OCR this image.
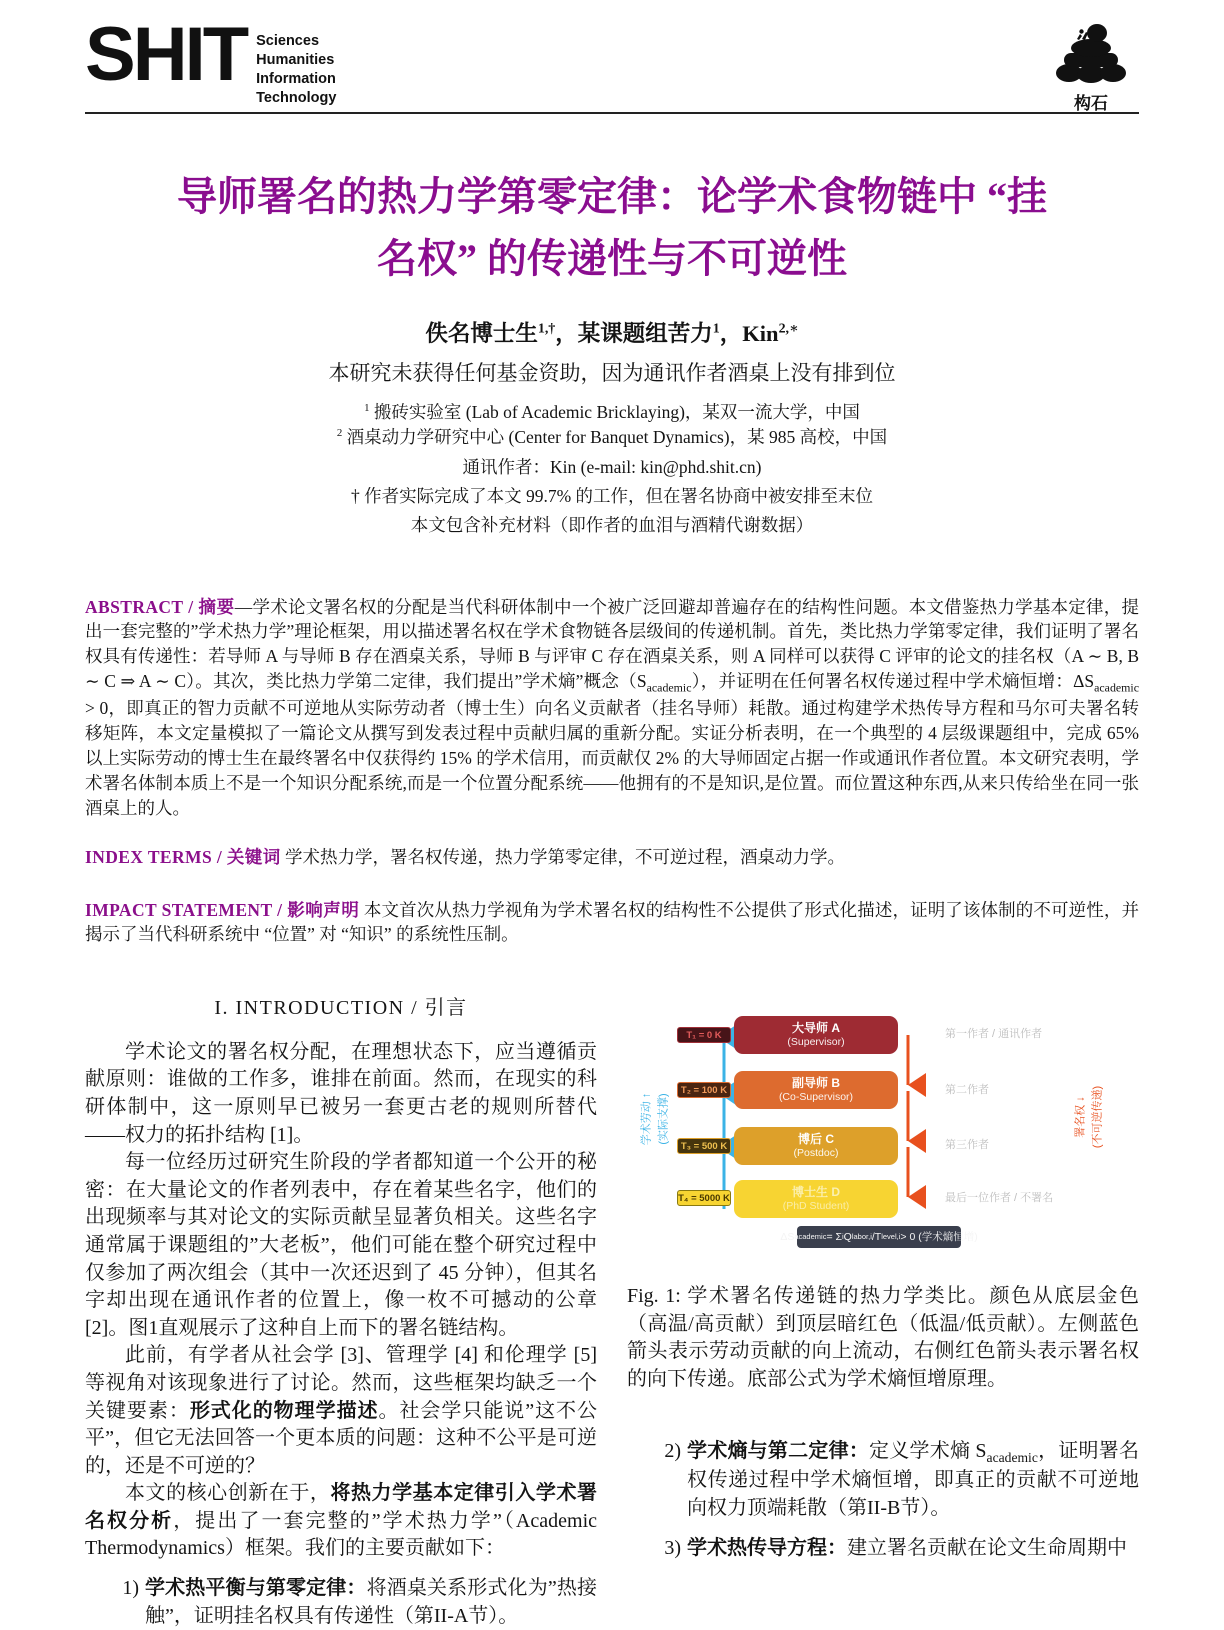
SHIT Sciences
Humanities
Information
Technology	构石
导师署名的热力学第零定律：论学术食物链中 “挂
名权” 的传递性与不可逆性
佚名博士生$^{1,\dagger}$，某课题组苦力$^1$，Kin$^{2,∗}$
本研究未获得任何基金资助，因为通讯作者酒桌上没有排到位
$^1$ 搬砖实验室 (Lab of Academic Bricklaying)，某双一流大学，中国
$^2$ 酒桌动力学研究中心 (Center for Banquet Dynamics)，某 985 高校，中国
通讯作者：Kin (e-mail: kin@phd.shit.cn)
† 作者实际完成了本文 99.7% 的工作，但在署名协商中被安排至末位
本文包含补充材料（即作者的血泪与酒精代谢数据）
ABSTRACT / 摘要—学术论文署名权的分配是当代科研体制中一个被广泛回避却普遍存在的结构性问题。本文借鉴热力学基本定律，提出一套完整的”学术热力学”理论框架，用以描述署名权在学术食物链各层级间的传递机制。首先，类比热力学第零定律，我们证明了署名权具有传递性：若导师 A 与导师 B 存在酒桌关系，导师 B 与评审 C 存在酒桌关系，则 A 同样可以获得 C 评审的论文的挂名权（A ∼ B, B ∼ C ⇒ A ∼ C）。其次，类比热力学第二定律，我们提出”学术熵”概念$(S_{academic})$，并证明在任何署名权传递过程中学术熵恒增：$\Delta S_{academic} > 0$，即真正的智力贡献不可逆地从实际劳动者（博士生）向名义贡献者（挂名导师）耗散。通过构建学术热传导方程和马尔可夫署名转移矩阵，本文定量模拟了一篇论文从撰写到发表过程中贡献归属的重新分配。实证分析表明，在一个典型的 4 层级课题组中，完成 65% 以上实际劳动的博士生在最终署名中仅获得约 15% 的学术信用，而贡献仅 2% 的大导师固定占据一作或通讯作者位置。本文研究表明，学术署名体制本质上不是一个知识分配系统,而是一个位置分配系统——他拥有的不是知识,是位置。而位置这种东西,从来只传给坐在同一张酒桌上的人。
INDEX TERMS / 关键词 学术热力学，署名权传递，热力学第零定律，不可逆过程，酒桌动力学。
IMPACT STATEMENT / 影响声明 本文首次从热力学视角为学术署名权的结构性不公提供了形式化描述，证明了该体制的不可逆性，并揭示了当代科研系统中 “位置” 对 “知识” 的系统性压制。
I. INTRODUCTION / 引言

学术论文的署名权分配，在理想状态下，应当遵循贡献原则：谁做的工作多，谁排在前面。然而，在现实的科研体制中，这一原则早已被另一套更古老的规则所替代——权力的拓扑结构 [1]。

每一位经历过研究生阶段的学者都知道一个公开的秘密：在大量论文的作者列表中，存在着某些名字，他们的出现频率与其对论文的实际贡献呈显著负相关。这些名字通常属于课题组的”大老板”，他们可能在整个研究过程中仅参加了两次组会（其中一次还迟到了 45 分钟），但其名字却出现在通讯作者的位置上，像一枚不可撼动的公章 [2]。图1直观展示了这种自上而下的署名链结构。

此前，有学者从社会学 [3]、管理学 [4] 和伦理学 [5] 等视角对该现象进行了讨论。然而，这些框架均缺乏一个关键要素：形式化的物理学描述。社会学只能说”这不公平”，但它无法回答一个更本质的问题：这种不公平是可逆的，还是不可逆的？

本文的核心创新在于，将热力学基本定律引入学术署名权分析，提出了一套完整的”学术热力学”（Academic Thermodynamics）框架。我们的主要贡献如下：

1) 学术热平衡与第零定律：将酒桌关系形式化为”热接触”，证明挂名权具有传递性（第II-A节）。
大导师 A
(Supervisor)
副导师 B
(Co-Supervisor)
博后 C
(Postdoc)
博士生 D
(PhD Student)
T₁ = 0 K
T₂ = 100 K
T₃ = 500 K
T₄ = 5000 K
第一作者 / 通讯作者
第二作者
第三作者
最后一位作者 / 不署名
学术劳动 ↑ (实际支撑)	署名权 ↓ (不可逆传递)
ΔS academic = Σ i Q labor,i /T level,i > 0 (学术熵恒增)
Fig. 1: 学术署名传递链的热力学类比。颜色从底层金色（高温/高贡献）到顶层暗红色（低温/低贡献）。左侧蓝色箭头表示劳动贡献的向上流动，右侧红色箭头表示署名权的向下传递。底部公式为学术熵恒增原理。
2) 学术熵与第二定律：定义学术熵 $S_{academic}$，证明署名权传递过程中学术熵恒增，即真正的贡献不可逆地向权力顶端耗散（第II-B节）。
3) 学术热传导方程：建立署名贡献在论文生命周期中
